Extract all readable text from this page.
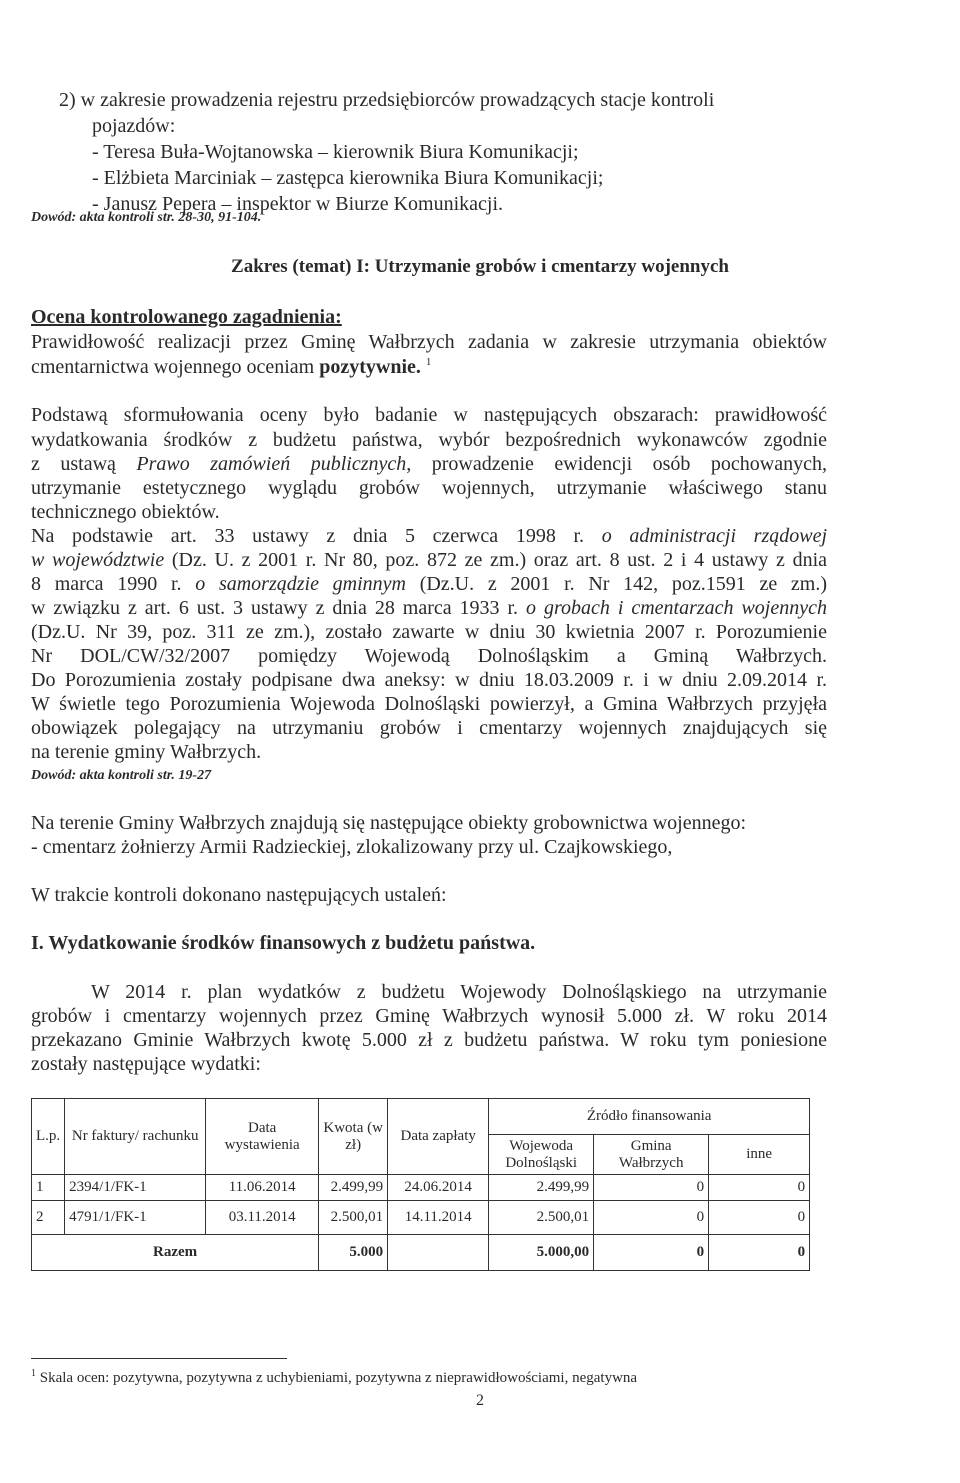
2) w zakresie prowadzenia rejestru przedsiębiorców prowadzących stacje kontroli
pojazdów:
- Teresa Buła-Wojtanowska – kierownik Biura Komunikacji;
- Elżbieta Marciniak – zastępca kierownika Biura Komunikacji;
- Janusz Pepera – inspektor w Biurze Komunikacji.
Dowód: akta kontroli str. 28-30, 91-104.
Zakres (temat) I: Utrzymanie grobów i cmentarzy wojennych
Ocena kontrolowanego zagadnienia:
Prawidłowość realizacji przez Gminę Wałbrzych zadania w zakresie utrzymania obiektów
cmentarnictwa wojennego oceniam pozytywnie. $^1$
Podstawą sformułowania oceny było badanie w następujących obszarach: prawidłowość
wydatkowania środków z budżetu państwa, wybór bezpośrednich wykonawców zgodnie
z ustawą Prawo zamówień publicznych, prowadzenie ewidencji osób pochowanych,
utrzymanie estetycznego wyglądu grobów wojennych, utrzymanie właściwego stanu
technicznego obiektów.
Na podstawie art. 33 ustawy z dnia 5 czerwca 1998 r. o administracji rządowej
w województwie (Dz. U. z 2001 r. Nr 80, poz. 872 ze zm.) oraz art. 8 ust. 2 i 4 ustawy z dnia
8 marca 1990 r. o samorządzie gminnym (Dz.U. z 2001 r. Nr 142, poz.1591 ze zm.)
w związku z art. 6 ust. 3 ustawy z dnia 28 marca 1933 r. o grobach i cmentarzach wojennych
(Dz.U. Nr 39, poz. 311 ze zm.), zostało zawarte w dniu 30 kwietnia 2007 r. Porozumienie
Nr DOL/CW/32/2007 pomiędzy Wojewodą Dolnośląskim a Gminą Wałbrzych.
Do Porozumienia zostały podpisane dwa aneksy: w dniu 18.03.2009 r. i w dniu 2.09.2014 r.
W świetle tego Porozumienia Wojewoda Dolnośląski powierzył, a Gmina Wałbrzych przyjęła
obowiązek polegający na utrzymaniu grobów i cmentarzy wojennych znajdujących się
na terenie gminy Wałbrzych.
Dowód: akta kontroli str. 19-27
Na terenie Gminy Wałbrzych znajdują się następujące obiekty grobownictwa wojennego:
- cmentarz żołnierzy Armii Radzieckiej, zlokalizowany przy ul. Czajkowskiego,
W trakcie kontroli dokonano następujących ustaleń:
I. Wydatkowanie środków finansowych z budżetu państwa.
W 2014 r. plan wydatków z budżetu Wojewody Dolnośląskiego na utrzymanie
grobów i cmentarzy wojennych przez Gminę Wałbrzych wynosił 5.000 zł. W roku 2014
przekazano Gminie Wałbrzych kwotę 5.000 zł z budżetu państwa. W roku tym poniesione
zostały następujące wydatki:
L.p.	Nr faktury/ rachunku	Data wystawienia	Kwota (w zł)	Data zapłaty	Źródło finansowania		
					Wojewoda Dolnośląski	Gmina Wałbrzych	inne
1	2394/1/FK-1	11.06.2014	2.499,99	24.06.2014	2.499,99	0	0
2	4791/1/FK-1	03.11.2014	2.500,01	14.11.2014	2.500,01	0	0
Razem			5.000		5.000,00	0	0
$^1$ Skala ocen: pozytywna, pozytywna z uchybieniami, pozytywna z nieprawidłowościami, negatywna
2
